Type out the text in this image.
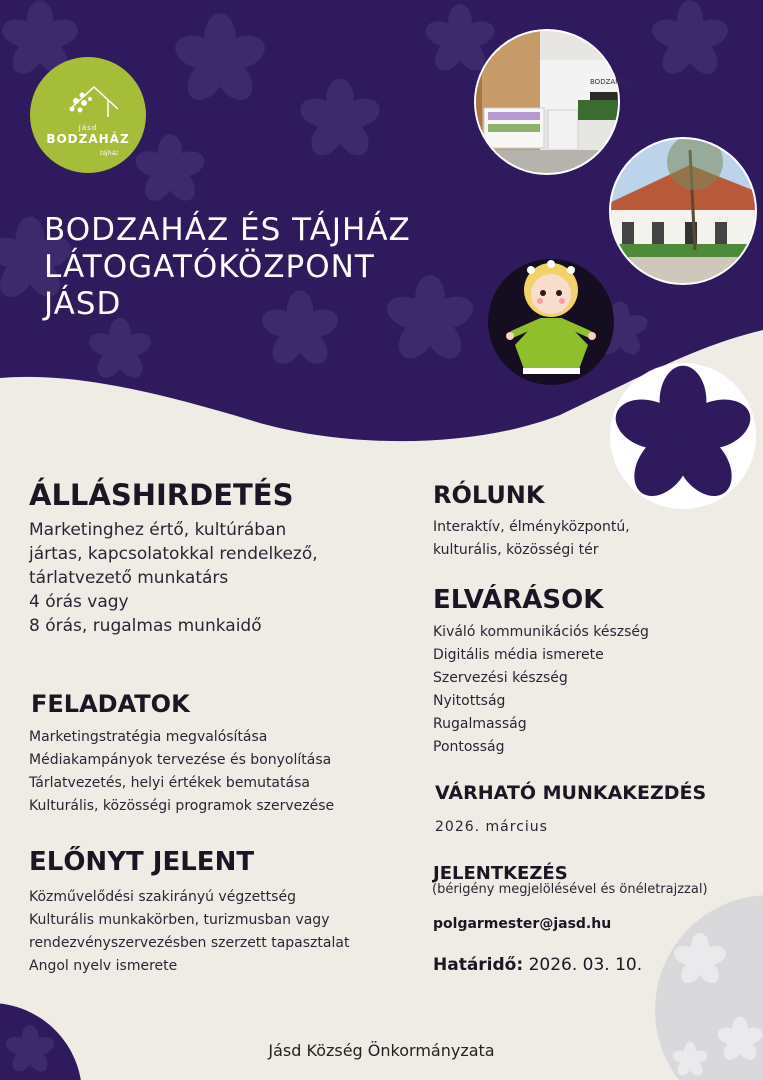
BODZAHÁZ
Jásd
BODZAHÁZ
tájház
BODZAHÁZ ÉS TÁJHÁZ
LÁTOGATÓKÖZPONT
JÁSD
ÁLLÁSHIRDETÉS
Marketinghez értő, kultúrában
jártas, kapcsolatokkal rendelkező,
tárlatvezető munkatárs
4 órás vagy
8 órás, rugalmas munkaidő
FELADATOK
Marketingstratégia megvalósítása
Médiakampányok tervezése és bonyolítása
Tárlatvezetés, helyi értékek bemutatása
Kulturális, közösségi programok szervezése
ELŐNYT JELENT
Közművelődési szakirányú végzettség
Kulturális munkakörben, turizmusban vagy
rendezvényszervezésben szerzett tapasztalat
Angol nyelv ismerete
RÓLUNK
Interaktív, élményközpontú,
kulturális, közösségi tér
ELVÁRÁSOK
Kiváló kommunikációs készség
Digitális média ismerete
Szervezési készség
Nyitottság
Rugalmasság
Pontosság
VÁRHATÓ MUNKAKEZDÉS
2026. március
JELENTKEZÉS
(bérigény megjelölésével és önéletrajzzal)
polgarmester@jasd.hu
Határidő: 2026. 03. 10.
Jásd Község Önkormányzata
